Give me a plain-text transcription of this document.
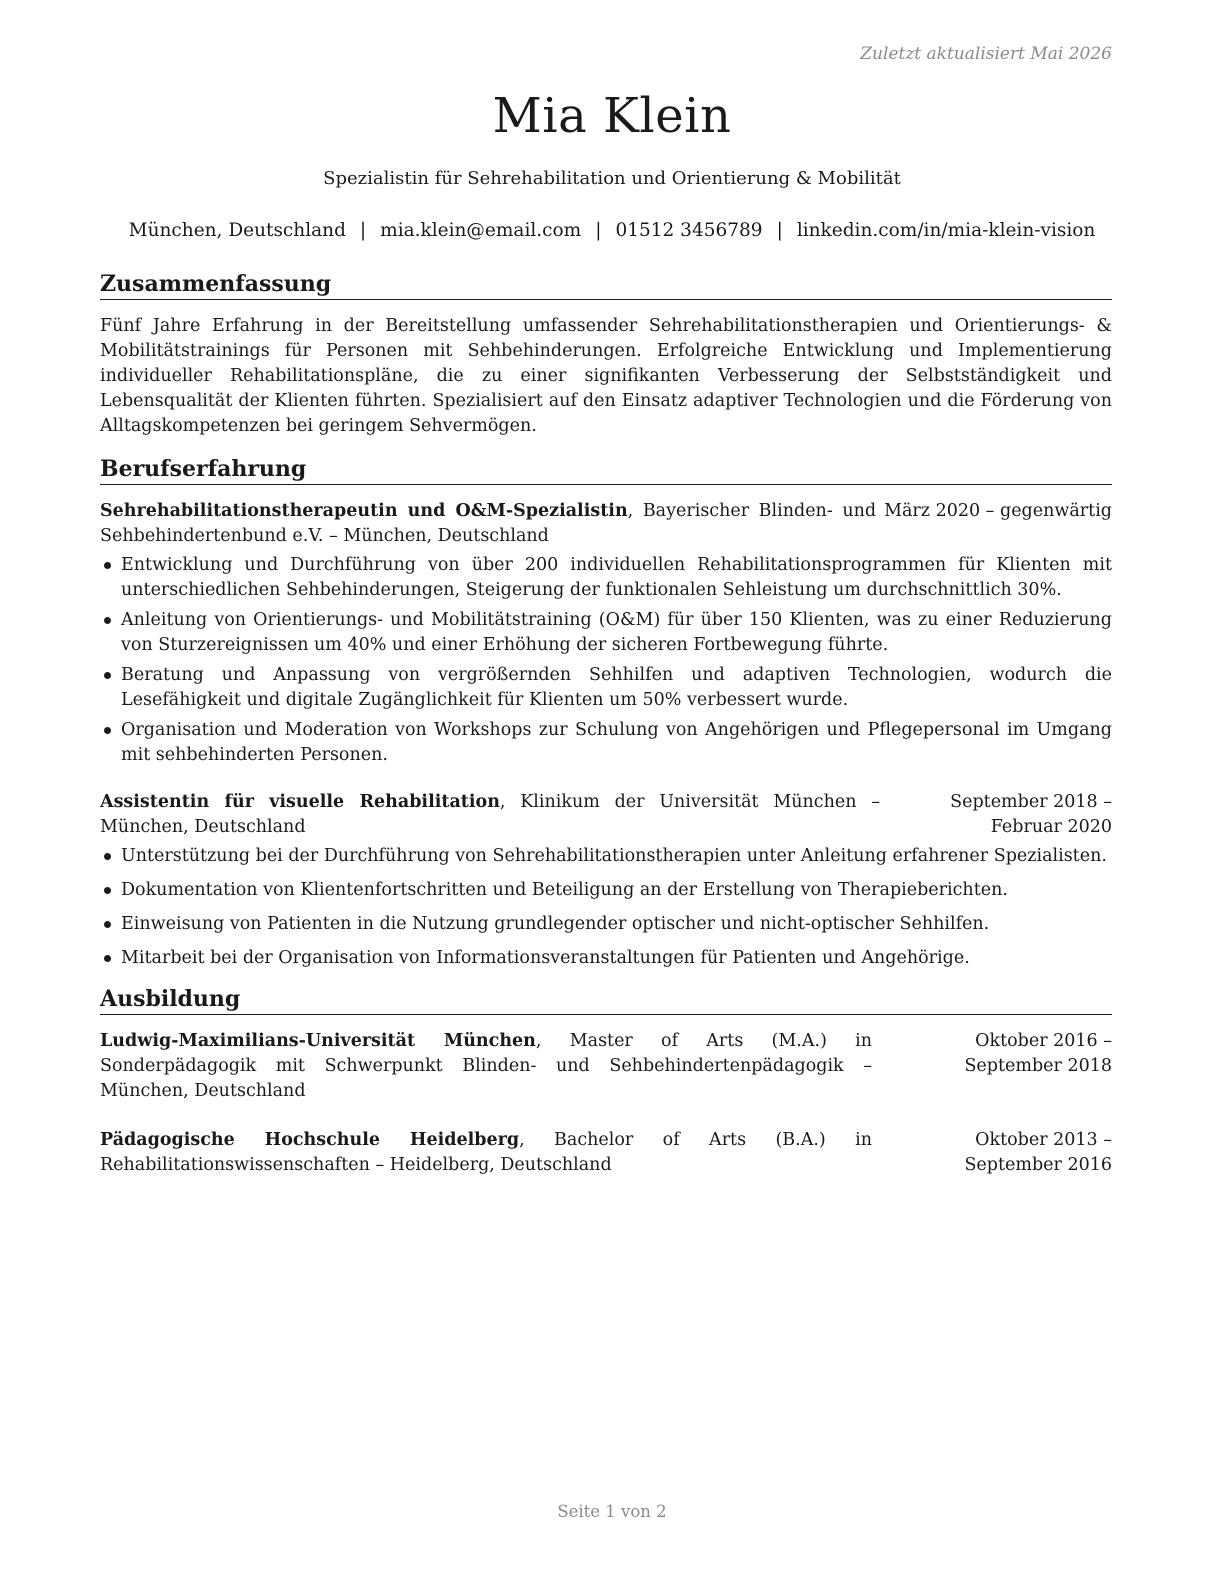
Zuletzt aktualisiert Mai 2026
Mia Klein
Spezialistin für Sehrehabilitation und Orientierung & Mobilität
München, Deutschland | mia.klein@email.com | 01512 3456789 | linkedin.com/in/mia-klein-vision
Zusammenfassung

Fünf Jahre Erfahrung in der Bereitstellung umfassender Sehrehabilitationstherapien und Orientierungs- & Mobilitätstrainings für Personen mit Sehbehinderungen. Erfolgreiche Entwicklung und Implementierung individueller Rehabilitationspläne, die zu einer signifikanten Verbesserung der Selbstständigkeit und Lebensqualität der Klienten führten. Spezialisiert auf den Einsatz adaptiver Technologien und die Förderung von Alltagskompetenzen bei geringem Sehvermögen.

Berufserfahrung
Sehrehabilitationstherapeutin und O&M-Spezialistin, Bayerischer Blinden- und Sehbehindertenbund e.V. – München, Deutschland
März 2020 – gegenwärtig
Entwicklung und Durchführung von über 200 individuellen Rehabilitationsprogrammen für Klienten mit unterschiedlichen Sehbehinderungen, Steigerung der funktionalen Sehleistung um durchschnittlich 30%.
Anleitung von Orientierungs- und Mobilitätstraining (O&M) für über 150 Klienten, was zu einer Reduzierung von Sturzereignissen um 40% und einer Erhöhung der sicheren Fortbewegung führte.
Beratung und Anpassung von vergrößernden Sehhilfen und adaptiven Technologien, wodurch die Lesefähigkeit und digitale Zugänglichkeit für Klienten um 50% verbessert wurde.
Organisation und Moderation von Workshops zur Schulung von Angehörigen und Pflegepersonal im Umgang mit sehbehinderten Personen.
Assistentin für visuelle Rehabilitation, Klinikum der Universität München – München, Deutschland
September 2018 – Februar 2020
Unterstützung bei der Durchführung von Sehrehabilitationstherapien unter Anleitung erfahrener Spezialisten.
Dokumentation von Klientenfortschritten und Beteiligung an der Erstellung von Therapieberichten.
Einweisung von Patienten in die Nutzung grundlegender optischer und nicht-optischer Sehhilfen.
Mitarbeit bei der Organisation von Informationsveranstaltungen für Patienten und Angehörige.
Ausbildung
Ludwig-Maximilians-Universität München, Master of Arts (M.A.) in Sonderpädagogik mit Schwerpunkt Blinden- und Sehbehindertenpädagogik – München, Deutschland
Oktober 2016 – September 2018
Pädagogische Hochschule Heidelberg, Bachelor of Arts (B.A.) in Rehabilitationswissenschaften – Heidelberg, Deutschland
Oktober 2013 – September 2016
Seite 1 von 2
